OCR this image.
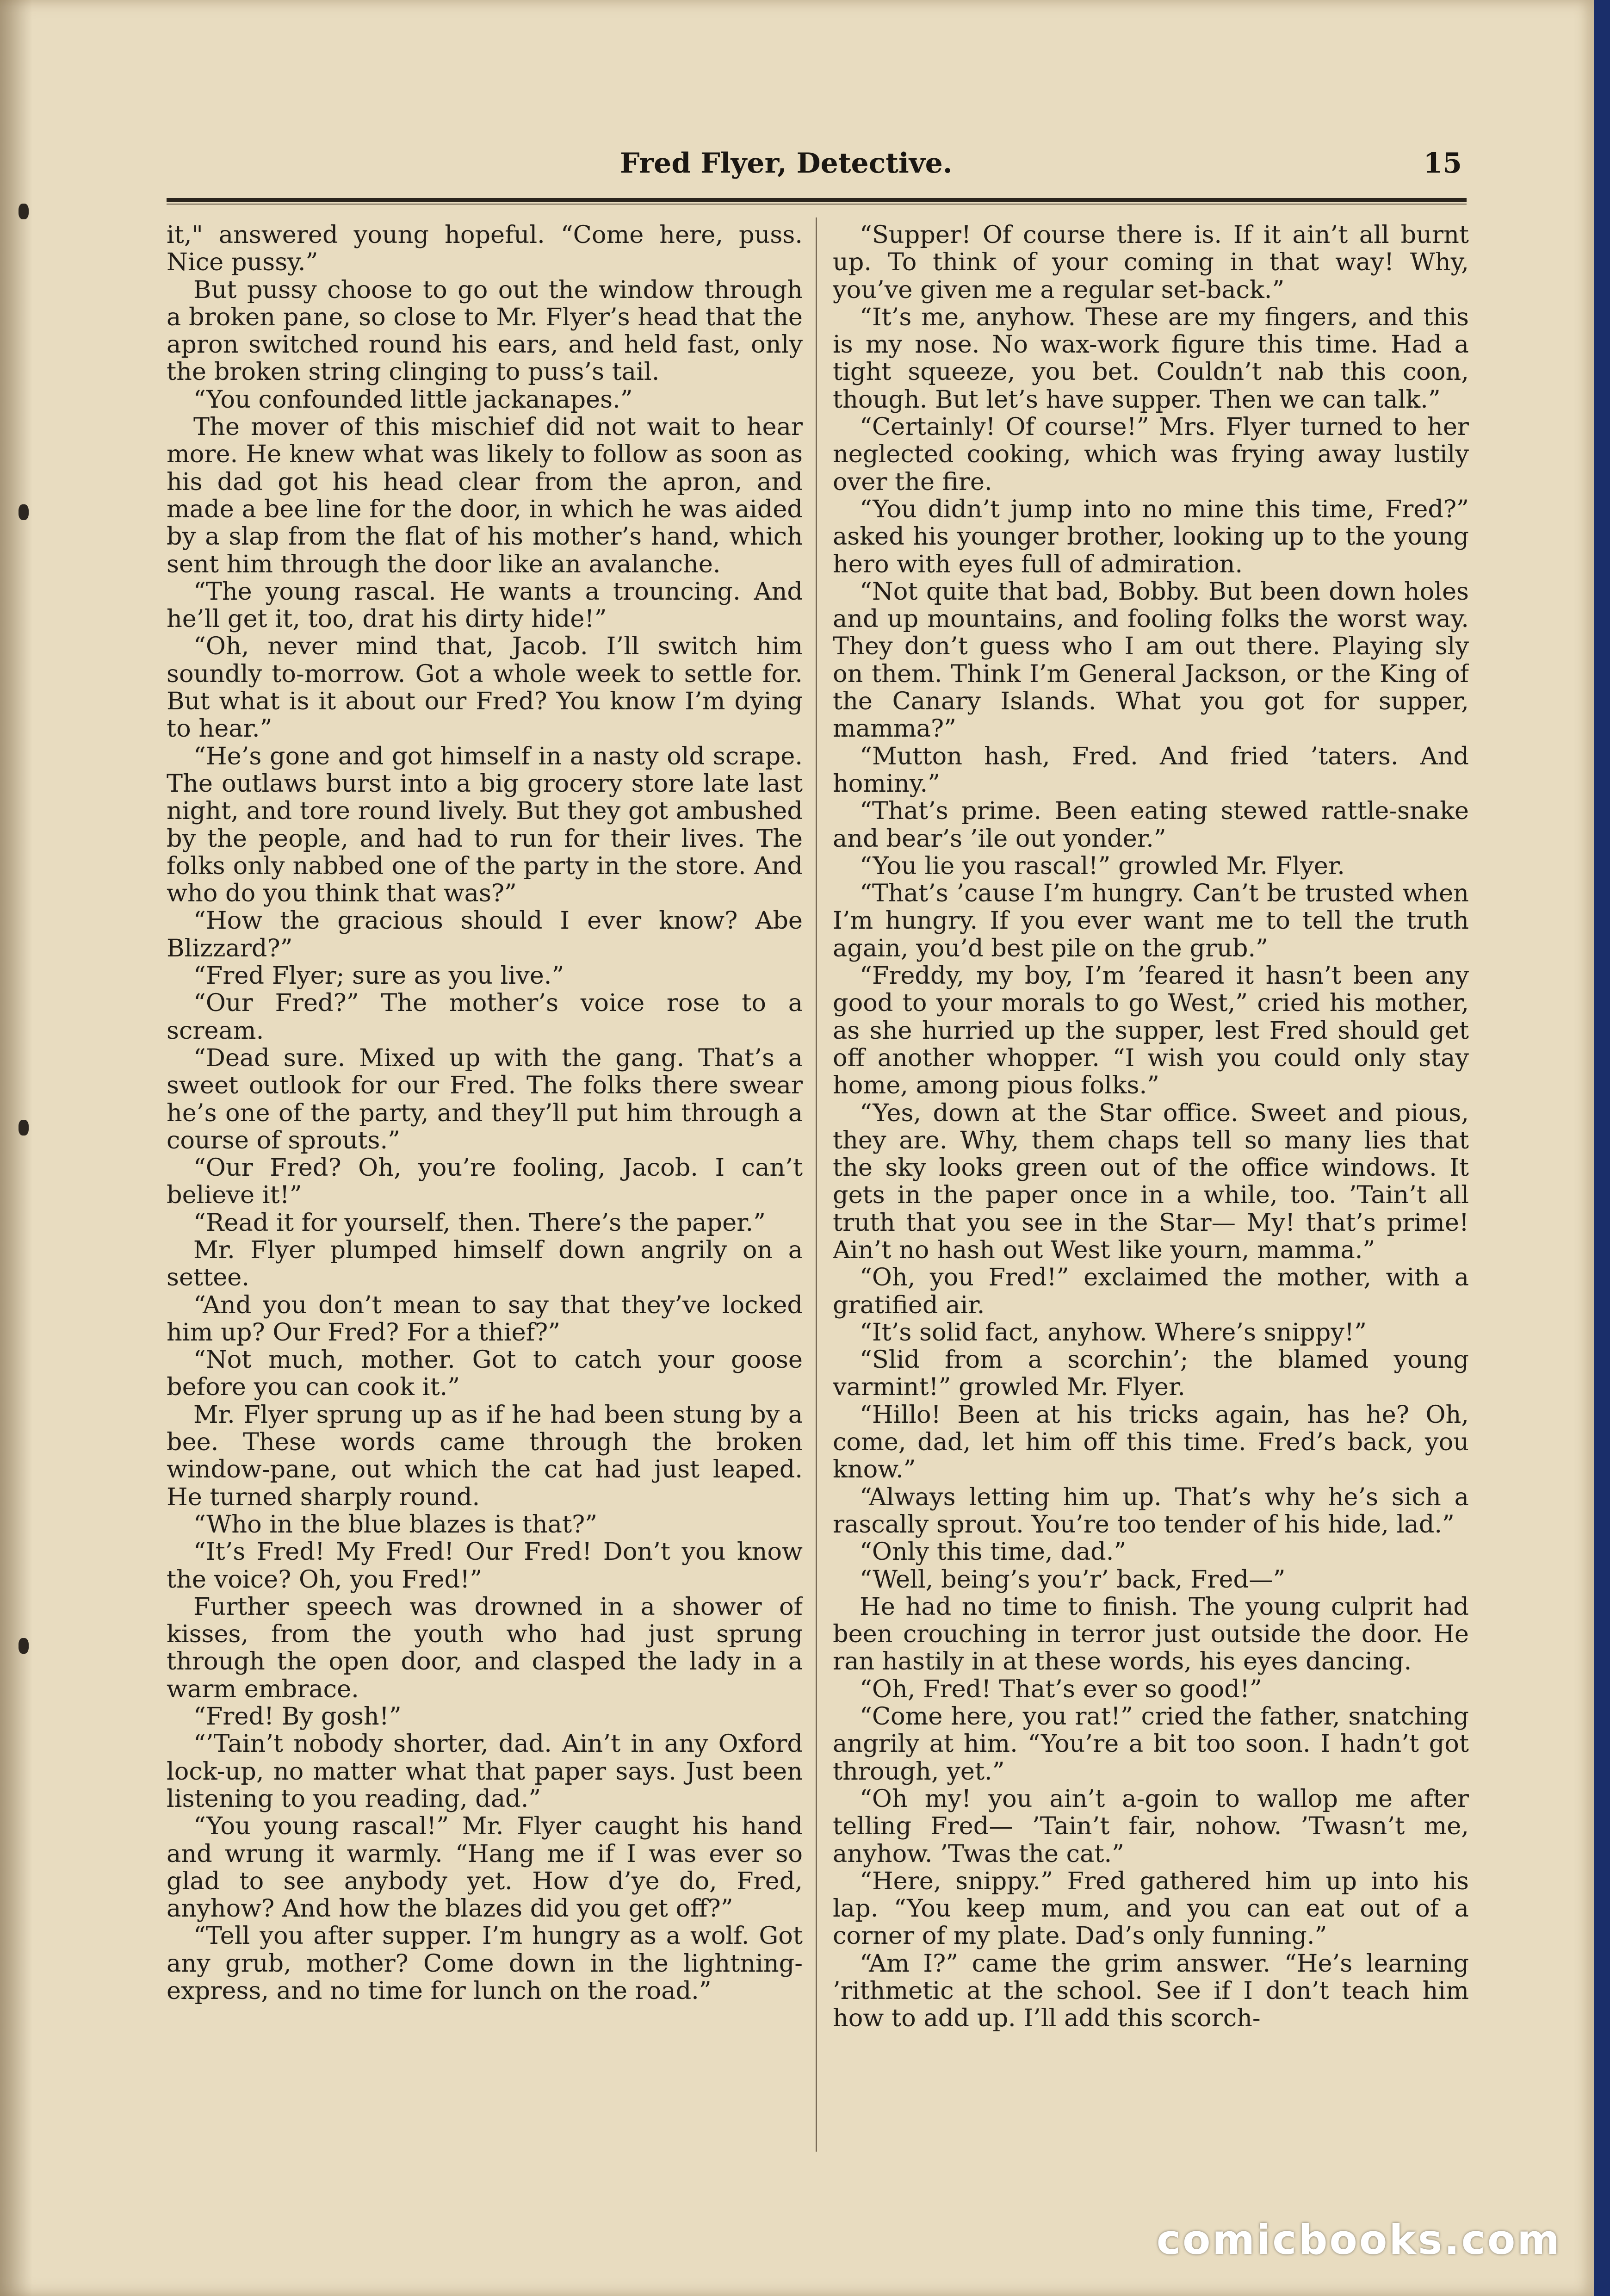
Fred Flyer, Detective.	15

it," answered young hopeful. “Come here, puss. Nice pussy.”

But pussy choose to go out the window through a broken pane, so close to Mr. Flyer’s head that the apron switched round his ears, and held fast, only the broken string clinging to puss’s tail.

“You confounded little jackanapes.”

The mover of this mischief did not wait to hear more. He knew what was likely to follow as soon as his dad got his head clear from the apron, and made a bee line for the door, in which he was aided by a slap from the flat of his mother’s hand, which sent him through the door like an avalanche.

“The young rascal. He wants a trouncing. And he’ll get it, too, drat his dirty hide!”

“Oh, never mind that, Jacob. I’ll switch him soundly to-morrow. Got a whole week to settle for. But what is it about our Fred? You know I’m dying to hear.”

“He’s gone and got himself in a nasty old scrape. The outlaws burst into a big grocery store late last night, and tore round lively. But they got ambushed by the people, and had to run for their lives. The folks only nabbed one of the party in the store. And who do you think that was?”

“How the gracious should I ever know? Abe Blizzard?”

“Fred Flyer; sure as you live.”

“Our Fred?” The mother’s voice rose to a scream.

“Dead sure. Mixed up with the gang. That’s a sweet outlook for our Fred. The folks there swear he’s one of the party, and they’ll put him through a course of sprouts.”

“Our Fred? Oh, you’re fooling, Jacob. I can’t believe it!”

“Read it for yourself, then. There’s the paper.”

Mr. Flyer plumped himself down angrily on a settee.

“And you don’t mean to say that they’ve locked him up? Our Fred? For a thief?”

“Not much, mother. Got to catch your goose before you can cook it.”

Mr. Flyer sprung up as if he had been stung by a bee. These words came through the broken window-pane, out which the cat had just leaped. He turned sharply round.

“Who in the blue blazes is that?”

“It’s Fred! My Fred! Our Fred! Don’t you know the voice? Oh, you Fred!”

Further speech was drowned in a shower of kisses, from the youth who had just sprung through the open door, and clasped the lady in a warm embrace.

“Fred! By gosh!”

“’Tain’t nobody shorter, dad. Ain’t in any Oxford lock-up, no matter what that paper says. Just been listening to you reading, dad.”

“You young rascal!” Mr. Flyer caught his hand and wrung it warmly. “Hang me if I was ever so glad to see anybody yet. How d’ye do, Fred, anyhow? And how the blazes did you get off?”

“Tell you after supper. I’m hungry as a wolf. Got any grub, mother? Come down in the lightning-express, and no time for lunch on the road.”

“Supper! Of course there is. If it ain’t all burnt up. To think of your coming in that way! Why, you’ve given me a regular set-back.”

“It’s me, anyhow. These are my fingers, and this is my nose. No wax-work figure this time. Had a tight squeeze, you bet. Couldn’t nab this coon, though. But let’s have supper. Then we can talk.”

“Certainly! Of course!” Mrs. Flyer turned to her neglected cooking, which was frying away lustily over the fire.

“You didn’t jump into no mine this time, Fred?” asked his younger brother, looking up to the young hero with eyes full of admiration.

“Not quite that bad, Bobby. But been down holes and up mountains, and fooling folks the worst way. They don’t guess who I am out there. Playing sly on them. Think I’m General Jackson, or the King of the Canary Islands. What you got for supper, mamma?”

“Mutton hash, Fred. And fried ’taters. And hominy.”

“That’s prime. Been eating stewed rattle-snake and bear’s ’ile out yonder.”

“You lie you rascal!” growled Mr. Flyer.

“That’s ’cause I’m hungry. Can’t be trusted when I’m hungry. If you ever want me to tell the truth again, you’d best pile on the grub.”

“Freddy, my boy, I’m ’feared it hasn’t been any good to your morals to go West,” cried his mother, as she hurried up the supper, lest Fred should get off another whopper. “I wish you could only stay home, among pious folks.”

“Yes, down at the Star office. Sweet and pious, they are. Why, them chaps tell so many lies that the sky looks green out of the office windows. It gets in the paper once in a while, too. ’Tain’t all truth that you see in the Star— My! that’s prime! Ain’t no hash out West like yourn, mamma.”

“Oh, you Fred!” exclaimed the mother, with a gratified air.

“It’s solid fact, anyhow. Where’s snippy!”

“Slid from a scorchin’; the blamed young varmint!” growled Mr. Flyer.

“Hillo! Been at his tricks again, has he? Oh, come, dad, let him off this time. Fred’s back, you know.”

“Always letting him up. That’s why he’s sich a rascally sprout. You’re too tender of his hide, lad.”

“Only this time, dad.”

“Well, being’s you’r’ back, Fred—”

He had no time to finish. The young culprit had been crouching in terror just outside the door. He ran hastily in at these words, his eyes dancing.

“Oh, Fred! That’s ever so good!”

“Come here, you rat!” cried the father, snatching angrily at him. “You’re a bit too soon. I hadn’t got through, yet.”

“Oh my! you ain’t a-goin to wallop me after telling Fred— ’Tain’t fair, nohow. ’Twasn’t me, anyhow. ’Twas the cat.”

“Here, snippy.” Fred gathered him up into his lap. “You keep mum, and you can eat out of a corner of my plate. Dad’s only funning.”

“Am I?” came the grim answer. “He’s learning ’rithmetic at the school. See if I don’t teach him how to add up. I’ll add this scorch-

comicbooks.com
